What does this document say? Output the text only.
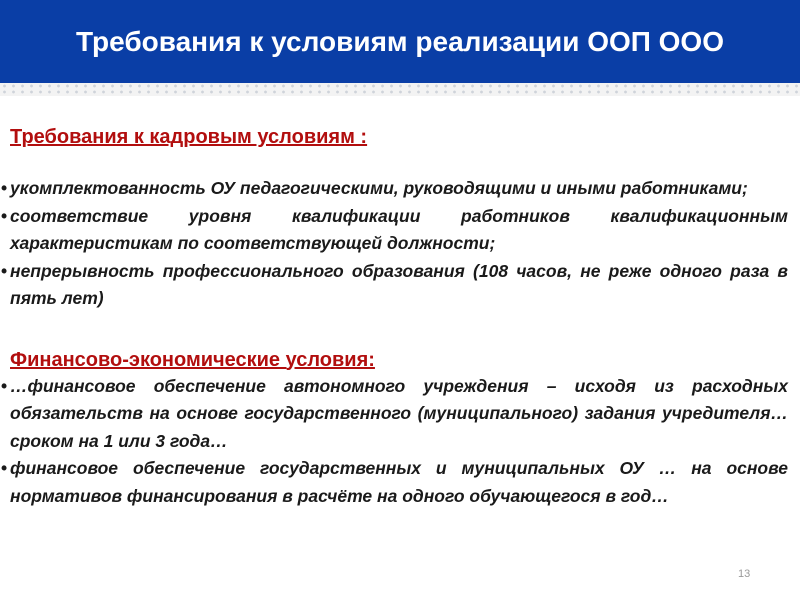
Требования к условиям реализации ООП ООО

Требования к кадровым условиям :

• укомплектованность ОУ педагогическими, руководящими и иными работниками;
• соответствие уровня квалификации работников квалификационным характеристикам по соответствующей должности;
• непрерывность профессионального образования (108 часов, не реже одного раза в пять лет)

Финансово-экономические условия:

• …финансовое обеспечение автономного учреждения – исходя из расходных обязательств на основе государственного (муниципального) задания учредителя… сроком на 1 или 3 года…
• финансовое обеспечение государственных и муниципальных ОУ … на основе нормативов финансирования в расчёте на одного обучающегося в год…
13
